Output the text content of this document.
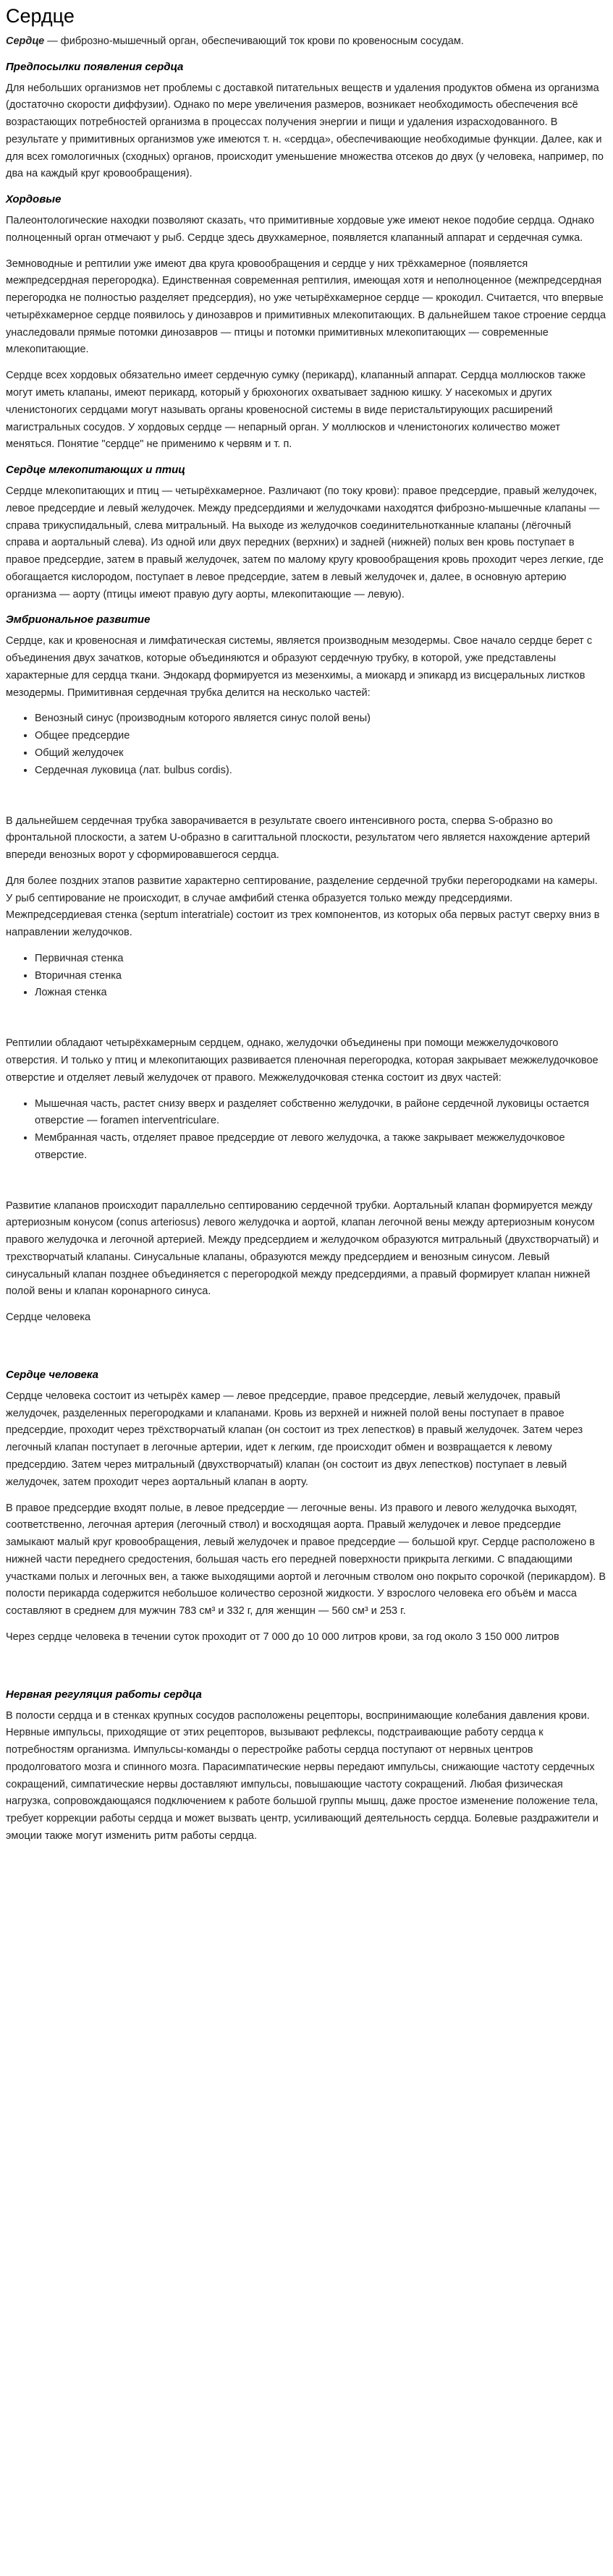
Сердце

Сердце — фибрознo-мышечный орган, обеспечивающий ток крови по кровеносным сосудам.

Предпосылки появления сердца

Для небольших организмов нет проблемы с доставкой питательных веществ и удаления продуктов обмена из организма (достаточно скорости диффузии). Однако по мере увеличения размеров, возникает необходимость обеспечения всё возрастающих потребностей организма в процессах получения энергии и пищи и удаления израсходованного. В результате у примитивных организмов уже имеются т. н. «сердца», обеспечивающие необходимые функции. Далее, как и для всех гомологичных (сходных) органов, происходит уменьшение множества отсеков до двух (у человека, например, по два на каждый круг кровообращения).

Хордовые

Палеонтологические находки позволяют сказать, что примитивные хордовые уже имеют некое подобие сердца. Однако полноценный орган отмечают у рыб. Сердце здесь двухкамерное, появляется клапанный аппарат и сердечная сумка.

Земноводные и рептилии уже имеют два круга кровообращения и сердце у них трёхкамерное (появляется межпредсердная перегородка). Единственная современная рептилия, имеющая хотя и неполноценное (межпредсердная перегородка не полностью разделяет предсердия), но уже четырёхкамерное сердце — крокодил. Считается, что впервые четырёхкамерное сердце появилось у динозавров и примитивных млекопитающих. В дальнейшем такое строение сердца унаследовали прямые потомки динозавров — птицы и потомки примитивных млекопитающих — современные млекопитающие.

Сердце всех хордовых обязательно имеет сердечную сумку (перикард), клапанный аппарат. Сердца моллюсков также могут иметь клапаны, имеют перикард, который у брюхоногих охватывает заднюю кишку. У насекомых и других членистоногих сердцами могут называть органы кровеносной системы в виде перистальтирующих расширений магистральных сосудов. У хордовых сердце — непарный орган. У моллюсков и членистоногих количество может меняться. Понятие "сердце" не применимо к червям и т. п.

Сердце млекопитающих и птиц

Сердце млекопитающих и птиц — четырёхкамерное. Различают (по току крови): правое предсердие, правый желудочек, левое предсердие и левый желудочек. Между предсердиями и желудочками находятся фиброзно-мышечные клапаны — справа трикуспидальный, слева митральный. На выходе из желудочков соединительнотканные клапаны (лёгочный справа и аортальный слева). Из одной или двух передних (верхних) и задней (нижней) полых вен кровь поступает в правое предсердие, затем в правый желудочек, затем по малому кругу кровообращения кровь проходит через легкие, где обогащается кислородом, поступает в левое предсердие, затем в левый желудочек и, далее, в основную артерию организма — аорту (птицы имеют правую дугу аорты, млекопитающие — левую).

Эмбриональное развитие

Сердце, как и кровеносная и лимфатическая системы, является производным мезодермы. Свое начало сердце берет с объединения двух зачатков, которые объединяются и образуют сердечную трубку, в которой, уже представлены характерные для сердца ткани. Эндокард формируется из мезенхимы, а миокард и эпикард из висцеральных листков мезодермы. Примитивная сердечная трубка делится на несколько частей:

• Венозный синус (производным которого является синус полой вены)
• Общее предсердие
• Общий желудочек
• Сердечная луковица (лат. bulbus cordis).

В дальнейшем сердечная трубка заворачивается в результате своего интенсивного роста, сперва S-образно во фронтальной плоскости, а затем U-образно в сагиттальной плоскости, результатом чего является нахождение артерий впереди венозных ворот у сформировавшегося сердца.

Для более поздних этапов развитие характерно септирование, разделение сердечной трубки перегородками на камеры. У рыб септирование не происходит, в случае амфибий стенка образуется только между предсердиями. Межпредсердиевая стенка (septum interatriale) состоит из трех компонентов, из которых оба первых растут сверху вниз в направлении желудочков.

• Первичная стенка
• Вторичная стенка
• Ложная стенка

Рептилии обладают четырёхкамерным сердцем, однако, желудочки объединены при помощи межжелудочкового отверстия. И только у птиц и млекопитающих развивается пленочная перегородка, которая закрывает межжелудочковое отверстие и отделяет левый желудочек от правого. Межжелудочковая стенка состоит из двух частей:

• Мышечная часть, растет снизу вверх и разделяет собственно желудочки, в районе сердечной луковицы остается отверстие — foramen interventriculare.
• Мембранная часть, отделяет правое предсердие от левого желудочка, а также закрывает межжелудочковое отверстие.

Развитие клапанов происходит параллельно септированию сердечной трубки. Аортальный клапан формируется между артериозным конусом (conus arteriosus) левого желудочка и аортой, клапан легочной вены между артериозным конусом правого желудочка и легочной артерией. Между предсердием и желудочком образуются митральный (двухстворчатый) и трехстворчатый клапаны. Синусальные клапаны, образуются между предсердием и венозным синусом. Левый синусальный клапан позднее объединяется с перегородкой между предсердиями, а правый формирует клапан нижней полой вены и клапан коронарного синуса.

Сердце человека

Сердце человека

Сердце человека состоит из четырёх камер — левое предсердие, правое предсердие, левый желудочек, правый желудочек, разделенных перегородками и клапанами. Кровь из верхней и нижней полой вены поступает в правое предсердие, проходит через трёхстворчатый клапан (он состоит из трех лепестков) в правый желудочек. Затем через легочный клапан поступает в легочные артерии, идет к легким, где происходит обмен и возвращается к левому предсердию. Затем через митральный (двухстворчатый) клапан (он состоит из двух лепестков) поступает в левый желудочек, затем проходит через аортальный клапан в аорту.

В правое предсердие входят полые, в левое предсердие — легочные вены. Из правого и левого желудочка выходят, соответственно, легочная артерия (легочный ствол) и восходящая аорта. Правый желудочек и левое предсердие замыкают малый круг кровообращения, левый желудочек и правое предсердие — большой круг. Сердце расположено в нижней части переднего средостения, большая часть его передней поверхности прикрыта легкими. С впадающими участками полых и легочных вен, а также выходящими аортой и легочным стволом оно покрыто сорочкой (перикардом). В полости перикарда содержится небольшое количество серозной жидкости. У взрослого человека его объём и масса составляют в среднем для мужчин 783 см³ и 332 г, для женщин — 560 см³ и 253 г.

Через сердце человека в течении суток проходит от 7 000 до 10 000 литров крови, за год около 3 150 000 литров

Нервная регуляция работы сердца

В полости сердца и в стенках крупных сосудов расположены рецепторы, воспринимающие колебания давления крови. Нервные импульсы, приходящие от этих рецепторов, вызывают рефлексы, подстраивающие работу сердца к потребностям организма. Импульсы-команды о перестройке работы сердца поступают от нервных центров продолговатого мозга и спинного мозга. Парасимпатические нервы передают импульсы, снижающие частоту сердечных сокращений, симпатические нервы доставляют импульсы, повышающие частоту сокращений. Любая физическая нагрузка, сопровождающаяся подключением к работе большой группы мышц, даже простое изменение положение тела, требует коррекции работы сердца и может вызвать центр, усиливающий деятельность сердца. Болевые раздражители и эмоции также могут изменить ритм работы сердца.
